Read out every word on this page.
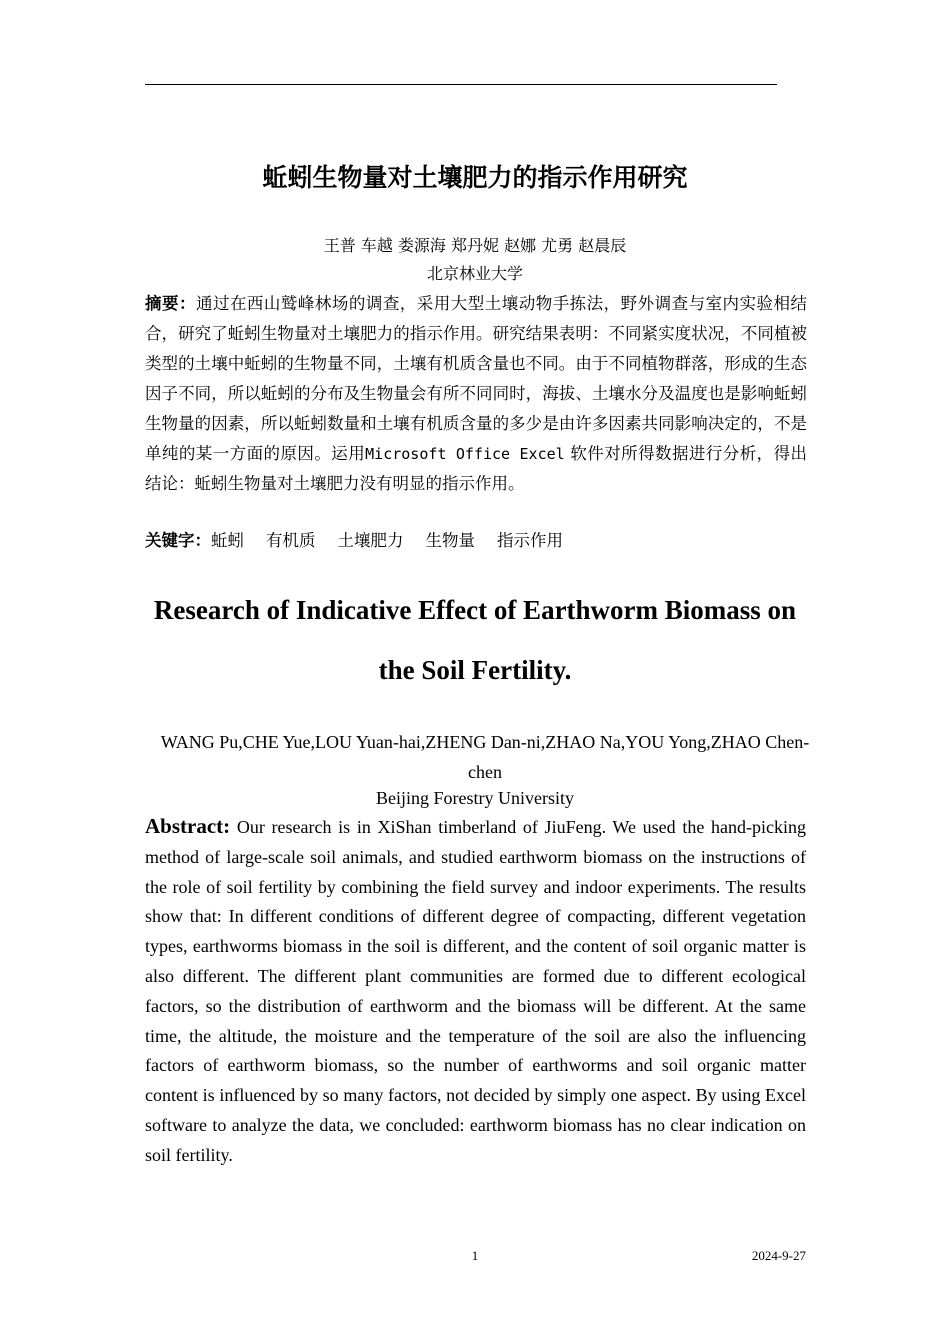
蚯蚓生物量对土壤肥力的指示作用研究
王普 车越 娄源海 郑丹妮 赵娜 尤勇 赵晨辰
北京林业大学
摘要：通过在西山鹫峰林场的调查，采用大型土壤动物手拣法，野外调查与室内实验相结合，研究了蚯蚓生物量对土壤肥力的指示作用。研究结果表明：不同紧实度状况，不同植被类型的土壤中蚯蚓的生物量不同，土壤有机质含量也不同。由于不同植物群落，形成的生态因子不同，所以蚯蚓的分布及生物量会有所不同同时，海拔、土壤水分及温度也是影响蚯蚓生物量的因素，所以蚯蚓数量和土壤有机质含量的多少是由许多因素共同影响决定的，不是单纯的某一方面的原因。运用Microsoft Office Excel 软件对所得数据进行分析，得出结论：蚯蚓生物量对土壤肥力没有明显的指示作用。
关键字：蚯蚓 有机质 土壤肥力 生物量 指示作用
Research of Indicative Effect of Earthworm Biomass on the Soil Fertility.
WANG Pu,CHE Yue,LOU Yuan-hai,ZHENG Dan-ni,ZHAO Na,YOU Yong,ZHAO Chen-chen
Beijing Forestry University
Abstract: Our research is in XiShan timberland of JiuFeng. We used the hand-picking method of large-scale soil animals, and studied earthworm biomass on the instructions of the role of soil fertility by combining the field survey and indoor experiments. The results show that: In different conditions of different degree of compacting, different vegetation types, earthworms biomass in the soil is different, and the content of soil organic matter is also different. The different plant communities are formed due to different ecological factors, so the distribution of earthworm and the biomass will be different. At the same time, the altitude, the moisture and the temperature of the soil are also the influencing factors of earthworm biomass, so the number of earthworms and soil organic matter content is influenced by so many factors, not decided by simply one aspect. By using Excel software to analyze the data, we concluded: earthworm biomass has no clear indication on soil fertility.
1	2024-9-27
